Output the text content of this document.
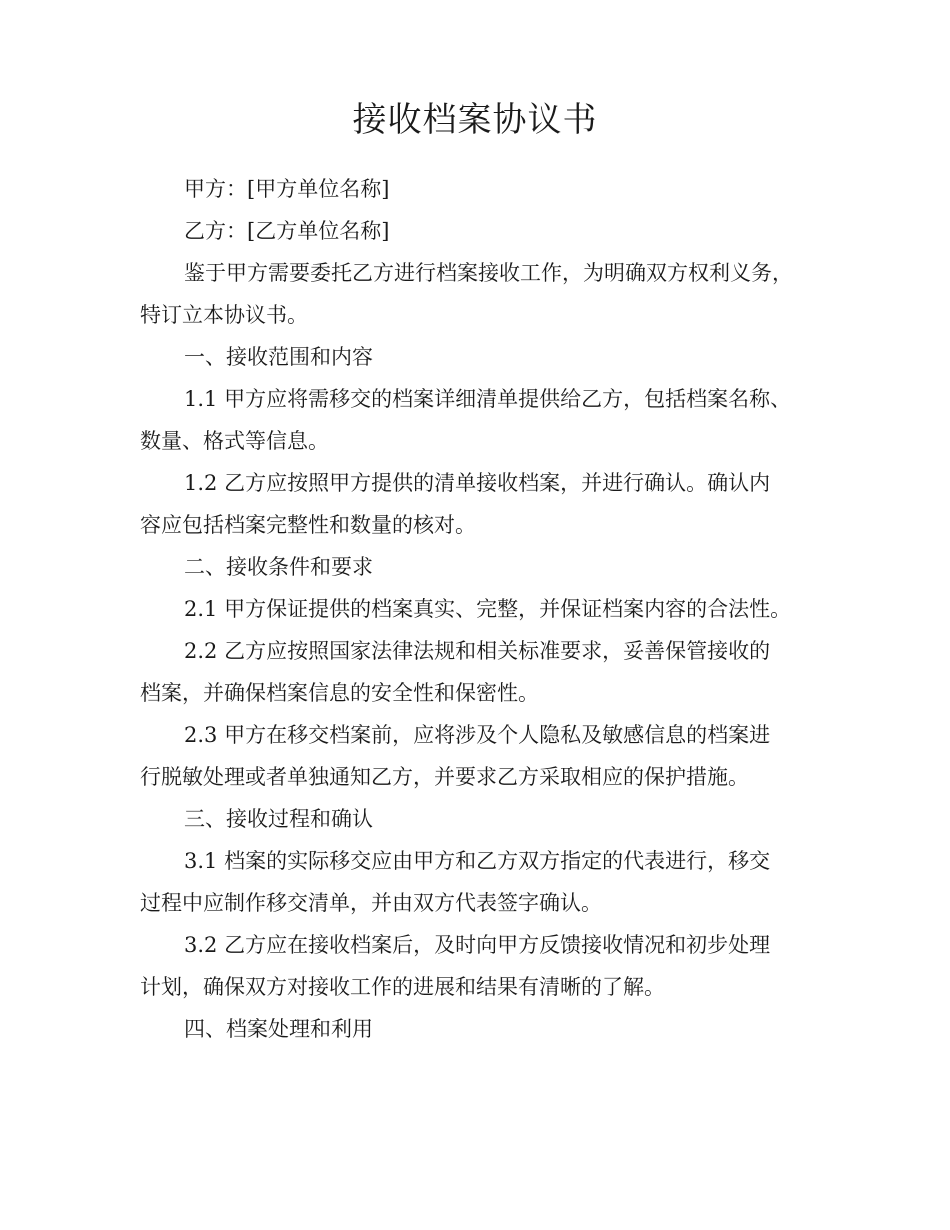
接收档案协议书

甲方：[甲方单位名称]

乙方：[乙方单位名称]

鉴于甲方需要委托乙方进行档案接收工作，为明确双方权利义务，
特订立本协议书。

一、接收范围和内容

1.1 甲方应将需移交的档案详细清单提供给乙方，包括档案名称、
数量、格式等信息。

1.2 乙方应按照甲方提供的清单接收档案，并进行确认。确认内
容应包括档案完整性和数量的核对。

二、接收条件和要求

2.1 甲方保证提供的档案真实、完整，并保证档案内容的合法性。

2.2 乙方应按照国家法律法规和相关标准要求，妥善保管接收的
档案，并确保档案信息的安全性和保密性。

2.3 甲方在移交档案前，应将涉及个人隐私及敏感信息的档案进
行脱敏处理或者单独通知乙方，并要求乙方采取相应的保护措施。

三、接收过程和确认

3.1 档案的实际移交应由甲方和乙方双方指定的代表进行，移交
过程中应制作移交清单，并由双方代表签字确认。

3.2 乙方应在接收档案后，及时向甲方反馈接收情况和初步处理
计划，确保双方对接收工作的进展和结果有清晰的了解。

四、档案处理和利用
